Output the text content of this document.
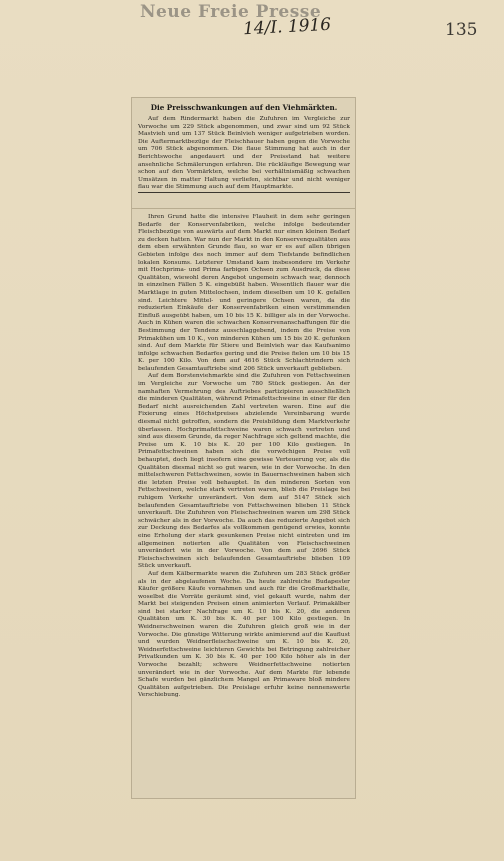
Neue Freie Presse
14/I. 1916	135
Die Preisschwankungen auf den Viehmärkten.

Auf dem Rindermarkt haben die Zufuhren im Vergleiche zur Vorwoche um 229 Stück abgenommen, und zwar sind um 92 Stück Mastvieh und um 137 Stück Beinlvieh weniger aufgetrieben worden. Die Auftermarktbezüge der Fleischhauer haben gegen die Vorwoche um 706 Stück abgenommen. Die flaue Stimmung hat auch in der Berichtswoche angedauert und der Preisstand hat weitere ansehnliche Schmälerungen erfahren. Die rückläufige Bewegung war schon auf den Vormärkten, welche bei verhältnismäßig schwachen Umsätzen in matter Haltung verliefen, sichtbar und nicht weniger flau war die Stimmung auch auf dem Hauptmarkte.

Ihren Grund hatte die intensive Flauheit in dem sehr geringen Bedarfe der Konservenfabriken, welche infolge bedeutender Fleischbezüge von auswärts auf dem Markt nur einen kleinen Bedarf zu decken hatten. War nun der Markt in den Konservenqualitäten aus dem eben erwähnten Grunde flau, so war er es auf allen übrigen Gebieten infolge des noch immer auf dem Tiefstande befindlichen lokalen Konsums. Letzterer Umstand kam insbesondere im Verkehr mit Hochprima- und Prima farbigen Ochsen zum Ausdruck, da diese Qualitäten, wiewohl deren Angebot ungemein schwach war, dennoch in einzelnen Fällen 5 K. eingebüßt haben. Wesentlich flauer war die Marktlage in guten Mittelochsen, indem dieselben um 10 K. gefallen sind. Leichtere Mittel- und geringere Ochsen waren, da die reduzierten Einkäufe der Konservenfabriken einen verstimmenden Einfluß ausgeübt haben, um 10 bis 15 K. billiger als in der Vorwoche. Auch in Kühen waren die schwachen Konservenanschaffungen für die Bestimmung der Tendenz ausschlaggebend, indem die Preise von Primakühen um 10 K., von minderen Kühen um 15 bis 20 K. gefunken sind. Auf dem Markte für Stiere und Beinlvieh war das Kaufsanimo infolge schwachen Bedarfes gering und die Preise fielen um 10 bis 15 K. per 100 Kilo. Von dem auf 4616 Stück Schlachtrindern sich belaufenden Gesamtauftriebe sind 206 Stück unverkauft geblieben.

Auf dem Borstenviehmarkte sind die Zufuhren von Fettschweinen im Vergleiche zur Vorwoche um 780 Stück gestiegen. An der namhaften Vermehrung des Auftriebes partizipieren ausschließlich die minderen Qualitäten, während Primafettschweine in einer für den Bedarf nicht ausreichenden Zahl vertreten waren. Eine auf die Fixierung eines Höchstpreises abzielende Vereinbarung wurde diesmal nicht getroffen, sondern die Preisbildung dem Marktverkehr überlassen. Hochprimafettschweine waren schwach vertreten und sind aus diesem Grunde, da reger Nachfrage sich geltend machte, die Preise um K. 10 bis K. 20 per 100 Kilo gestiegen. In Primafettschweinen haben sich die vorwöchigen Preise voll behauptet, doch liegt insofern eine gewisse Verteuerung vor, als die Qualitäten diesmal nicht so gut waren, wie in der Vorwoche. In den mittelschweren Fettschweinen, sowie in Bauernschweinen haben sich die letzten Preise voll behauptet. In den minderen Sorten von Fettschweinen, welche stark vertreten waren, blieb die Preislage bei ruhigem Verkehr unverändert. Von dem auf 5147 Stück sich belaufenden Gesamtauftriebe von Fettschweinen blieben 11 Stück unverkauft. Die Zufuhren von Fleischschweinen waren um 298 Stück schwächer als in der Vorwoche. Da auch das reduzierte Angebot sich zur Deckung des Bedarfes als vollkommen genügend erwies, konnte eine Erholung der stark gesunkenen Preise nicht eintreten und im allgemeinen notierten alle Qualitäten von Fleischschweinen unverändert wie in der Vorwoche. Von dem auf 2696 Stück Fleischschweinen sich belaufenden Gesamtauftriebe blieben 109 Stück unverkauft.

Auf dem Kälbermarkte waren die Zufuhren um 283 Stück größer als in der abgelaufenen Woche. Da heute zahlreiche Budapester Käufer größere Käufe vornahmen und auch für die Großmarkthalle, woselbst die Vorräte geräumt sind, viel gekauft wurde, nahm der Markt bei steigenden Preisen einen animierten Verlauf. Primakälber sind bei starker Nachfrage um K. 10 bis K. 20, die anderen Qualitäten um K. 30 bis K. 40 per 100 Kilo gestiegen. In Weidnerschweinen waren die Zufuhren gleich groß wie in der Vorwoche. Die günstige Witterung wirkte animierend auf die Kauflust und wurden Weidnerfleischschweine um K. 10 bis K. 20, Weidnerfettschweine leichteren Gewichts bei Betringung zahlreicher Privatkunden um K. 30 bis K. 40 per 100 Kilo höher als in der Vorwoche bezahlt; schwere Weidnerfettschweine notierten unverändert wie in der Vorwoche. Auf dem Markte für lebende Schafe wurden bei gänzlichem Mangel an Primaware bloß mindere Qualitäten aufgetrieben. Die Preislage erfuhr keine nennenswerte Verschiebung.
